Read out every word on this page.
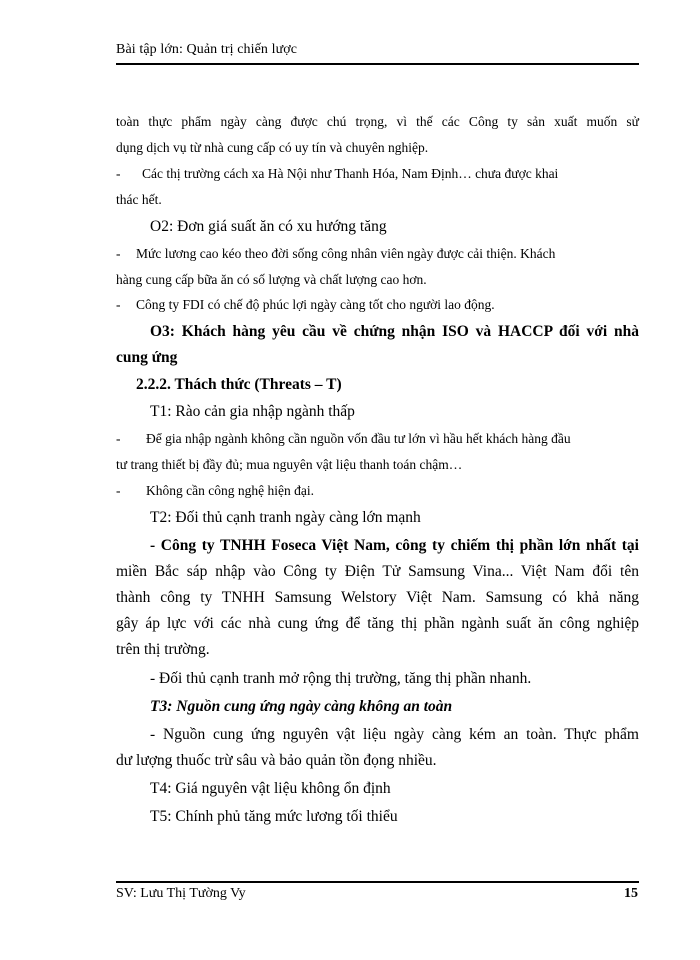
Bài tập lớn: Quản trị chiến lược
toàn thực phẩm ngày càng được chú trọng, vì thế các Công ty sản xuất muốn sử
dụng dịch vụ từ nhà cung cấp có uy tín và chuyên nghiệp.
- Các thị trường cách xa Hà Nội như Thanh Hóa, Nam Định… chưa được khai
thác hết.
O2: Đơn giá suất ăn có xu hướng tăng
- Mức lương cao kéo theo đời sống công nhân viên ngày được cải thiện. Khách
hàng cung cấp bữa ăn có số lượng và chất lượng cao hơn.
- Công ty FDI có chế độ phúc lợi ngày càng tốt cho người lao động.
O3: Khách hàng yêu cầu về chứng nhận ISO và HACCP đối với nhà
cung ứng
2.2.2. Thách thức (Threats – T)
T1: Rào cản gia nhập ngành thấp
- Để gia nhập ngành không cần nguồn vốn đầu tư lớn vì hầu hết khách hàng đầu
tư trang thiết bị đầy đủ; mua nguyên vật liệu thanh toán chậm…
- Không cần công nghệ hiện đại.
T2: Đối thủ cạnh tranh ngày càng lớn mạnh
- Công ty TNHH Foseca Việt Nam, công ty chiếm thị phần lớn nhất tại
miền Bắc sáp nhập vào Công ty Điện Tử Samsung Vina... Việt Nam đổi tên
thành công ty TNHH Samsung Welstory Việt Nam. Samsung có khả năng
gây áp lực với các nhà cung ứng để tăng thị phần ngành suất ăn công nghiệp
trên thị trường.
- Đối thủ cạnh tranh mở rộng thị trường, tăng thị phần nhanh.
T3: Nguồn cung ứng ngày càng không an toàn
- Nguồn cung ứng nguyên vật liệu ngày càng kém an toàn. Thực phẩm
dư lượng thuốc trừ sâu và bảo quản tồn đọng nhiều.
T4: Giá nguyên vật liệu không ổn định
T5: Chính phủ tăng mức lương tối thiểu
SV: Lưu Thị Tường Vy	15
